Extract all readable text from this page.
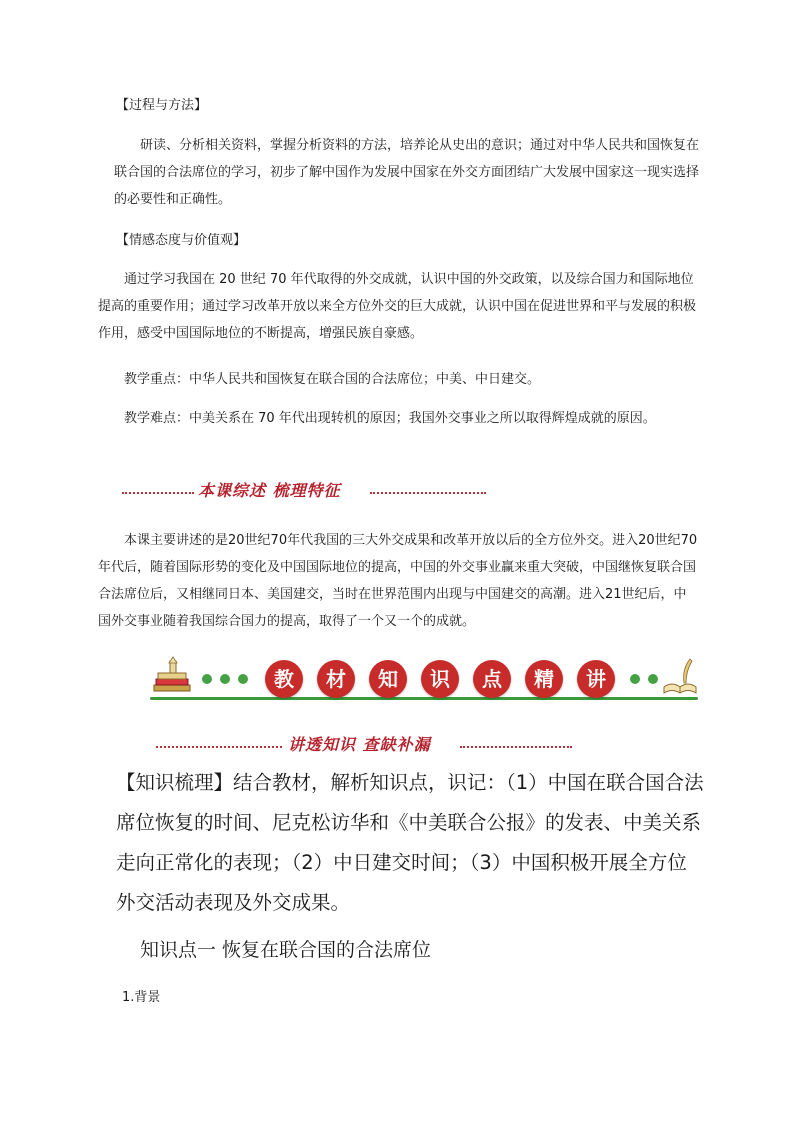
【过程与方法】

研读、分析相关资料，掌握分析资料的方法，培养论从史出的意识；通过对中华人民共和国恢复在联合国的合法席位的学习，初步了解中国作为发展中国家在外交方面团结广大发展中国家这一现实选择的必要性和正确性。

【情感态度与价值观】

通过学习我国在 20 世纪 70 年代取得的外交成就，认识中国的外交政策，以及综合国力和国际地位提高的重要作用；通过学习改革开放以来全方位外交的巨大成就，认识中国在促进世界和平与发展的积极作用，感受中国国际地位的不断提高，增强民族自豪感。

教学重点：中华人民共和国恢复在联合国的合法席位；中美、中日建交。

教学难点：中美关系在 70 年代出现转机的原因；我国外交事业之所以取得辉煌成就的原因。

本课综述 梳理特征

本课主要讲述的是20世纪70年代我国的三大外交成果和改革开放以后的全方位外交。进入20世纪70年代后，随着国际形势的变化及中国国际地位的提高，中国的外交事业赢来重大突破，中国继恢复联合国合法席位后，又相继同日本、美国建交，当时在世界范围内出现与中国建交的高潮。进入21世纪后，中国外交事业随着我国综合国力的提高，取得了一个又一个的成就。

教	材	知	识	点	精	讲
讲透知识 查缺补漏

【知识梳理】结合教材，解析知识点，识记：（1）中国在联合国合法席位恢复的时间、尼克松访华和《中美联合公报》的发表、中美关系走向正常化的表现；（2）中日建交时间；（3）中国积极开展全方位外交活动表现及外交成果。

知识点一 恢复在联合国的合法席位
1.背景
